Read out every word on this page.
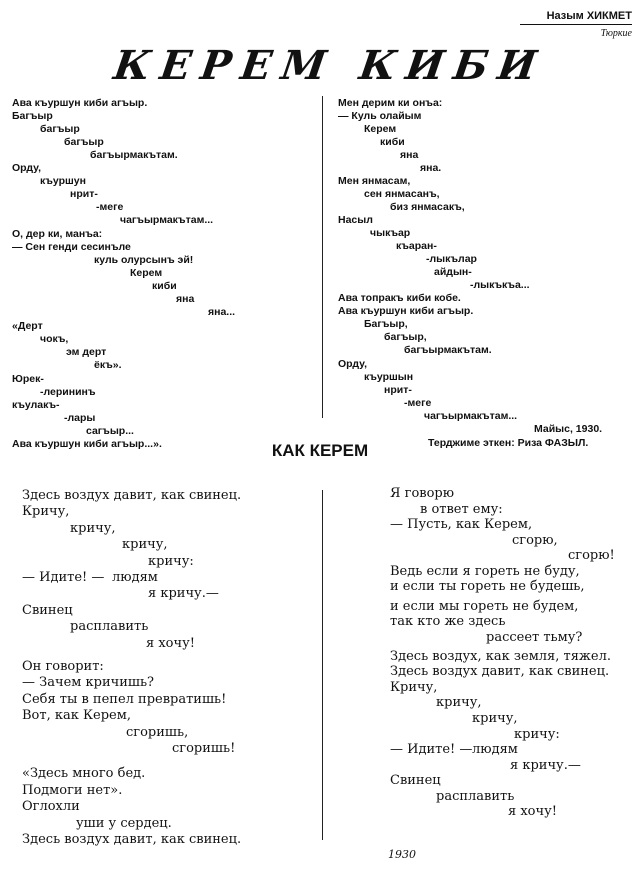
Назым ХИКМЕТ
Тюркие
КЕРЕМ КИБИ
Ава къуршун киби агъыр.
Багъыр
багъыр
багъыр
багъырмакътам.
Орду,
къуршун
нрит-
-меге
чагъырмакътам...
О, дер ки, манъа:
— Сен генди сесинъле
куль олурсынъ эй!
Керем
киби
яна
яна...
«Дерт
чокъ,
эм дерт
ёкъ».
Юрек-
-лерининъ
къулакъ-
-лары
сагъыр...
Ава къуршун киби агъыр...».
Мен дерим ки онъа:
— Куль олайым
Керем
киби
яна
яна.
Мен янмасам,
сен янмасанъ,
биз янмасакъ,
Насыл
чыкъар
къаран-
-лыкълар
айдын-
-лыкъкъа...
Ава топракъ киби кобе.
Ава къуршун киби агъыр.
Багъыр,
багъыр,
багъырмакътам.
Орду,
къуршын
нрит-
-меге
чагъырмакътам...
Майыс, 1930.
Терджиме эткен: Риза ФАЗЫЛ.
КАК КЕРЕМ
Здесь воздух давит, как свинец.
Кричу,
кричу,
кричу,
кричу:
— Идите! — людям
я кричу.—
Свинец
расплавить
я хочу!
Он говорит:
— Зачем кричишь?
Себя ты в пепел превратишь!
Вот, как Керем,
сгоришь,
сгоришь!
«Здесь много бед.
Подмоги нет».
Оглохли
уши у сердец.
Здесь воздух давит, как свинец.
Я говорю
в ответ ему:
— Пусть, как Керем,
сгорю,
сгорю!
Ведь если я гореть не буду,
и если ты гореть не будешь,
и если мы гореть не будем,
так кто же здесь
рассеет тьму?
Здесь воздух, как земля, тяжел.
Здесь воздух давит, как свинец.
Кричу,
кричу,
кричу,
кричу:
— Идите! — людям
я кричу.—
Свинец
расплавить
я хочу!
1930
